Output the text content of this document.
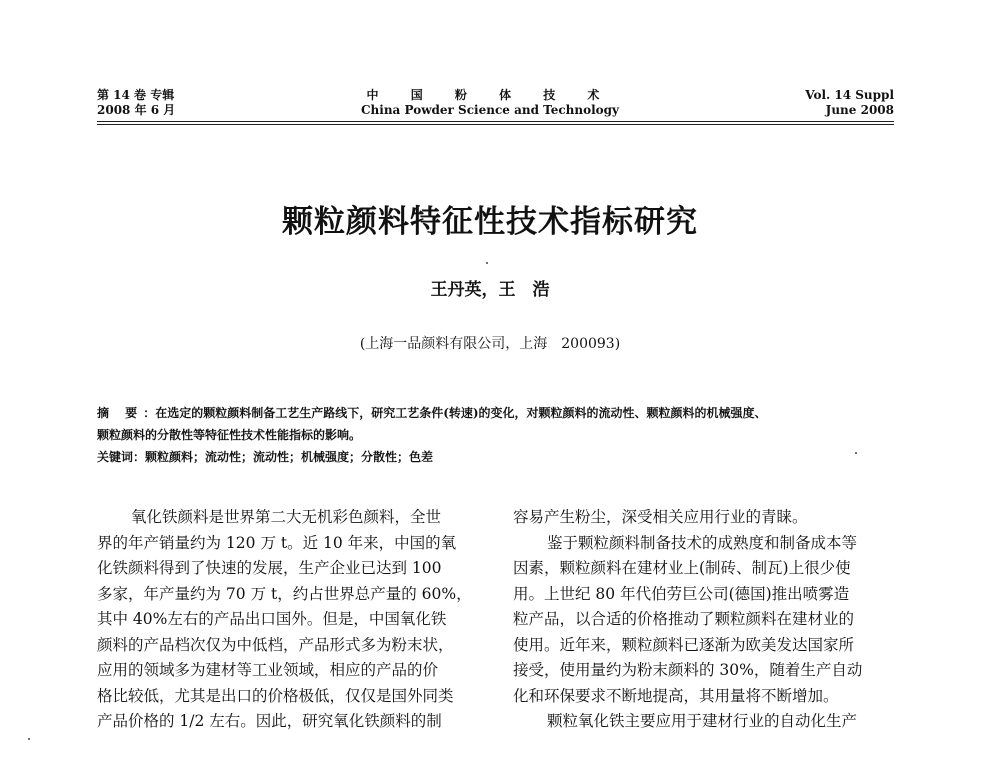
第 14 卷 专辑
2008 年 6 月
中 国 粉 体 技 术
China Powder Science and Technology
Vol. 14 Suppl
June 2008
颗粒颜料特征性技术指标研究
王丹英，王　浩
(上海一品颜料有限公司，上海　200093)
摘 要：在选定的颗粒颜料制备工艺生产路线下，研究工艺条件(转速)的变化，对颗粒颜料的流动性、颗粒颜料的机械强度、
颗粒颜料的分散性等特征性技术性能指标的影响。
关键词：颗粒颜料；流动性；流动性；机械强度；分散性；色差
氧化铁颜料是世界第二大无机彩色颜料，全世
界的年产销量约为 120 万 t。近 10 年来，中国的氧
化铁颜料得到了快速的发展，生产企业已达到 100
多家，年产量约为 70 万 t，约占世界总产量的 60%，
其中 40%左右的产品出口国外。但是，中国氧化铁
颜料的产品档次仅为中低档，产品形式多为粉末状，
应用的领域多为建材等工业领域，相应的产品的价
格比较低，尤其是出口的价格极低，仅仅是国外同类
产品价格的 1/2 左右。因此，研究氧化铁颜料的制
容易产生粉尘，深受相关应用行业的青睐。
鉴于颗粒颜料制备技术的成熟度和制备成本等
因素，颗粒颜料在建材业上(制砖、制瓦)上很少使
用。上世纪 80 年代伯劳巨公司(德国)推出喷雾造
粒产品，以合适的价格推动了颗粒颜料在建材业的
使用。近年来，颗粒颜料已逐渐为欧美发达国家所
接受，使用量约为粉末颜料的 30%，随着生产自动
化和环保要求不断地提高，其用量将不断增加。
颗粒氧化铁主要应用于建材行业的自动化生产
